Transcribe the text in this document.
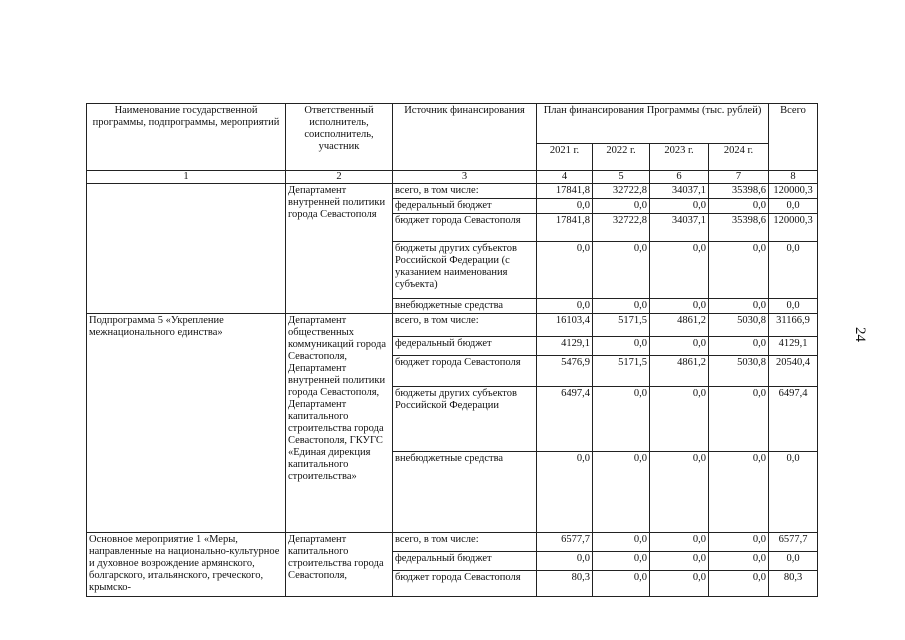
24
Наименование государственной программы, подпрограммы, мероприятий	Ответственный исполнитель, соисполнитель, участник	Источник финансирования	План финансирования Программы (тыс. рублей)				Всего
			2021 г.	2022 г.	2023 г.	2024 г.	
1	2	3	4	5	6	7	8
	Департамент внутренней политики города Севастополя	всего, в том числе:	17841,8	32722,8	34037,1	35398,6	120000,3
		федеральный бюджет	0,0	0,0	0,0	0,0	0,0
		бюджет города Севастополя	17841,8	32722,8	34037,1	35398,6	120000,3
		бюджеты других субъектов Российской Федерации (с указанием наименования субъекта)	0,0	0,0	0,0	0,0	0,0
		внебюджетные средства	0,0	0,0	0,0	0,0	0,0
Подпрограмма 5 «Укрепление межнационального единства»	Департамент общественных коммуникаций города Севастополя, Департамент внутренней политики города Севастополя, Департамент капитального строительства города Севастополя, ГКУГС «Единая дирекция капитального строительства»	всего, в том числе:	16103,4	5171,5	4861,2	5030,8	31166,9
		федеральный бюджет	4129,1	0,0	0,0	0,0	4129,1
		бюджет города Севастополя	5476,9	5171,5	4861,2	5030,8	20540,4
		бюджеты других субъектов Российской Федерации	6497,4	0,0	0,0	0,0	6497,4
		внебюджетные средства	0,0	0,0	0,0	0,0	0,0
Основное мероприятие 1 «Меры, направленные на национально-культурное и духовное возрождение армянского, болгарского, итальянского, греческого, крымско-	Департамент капитального строительства города Севастополя,	всего, в том числе:	6577,7	0,0	0,0	0,0	6577,7
		федеральный бюджет	0,0	0,0	0,0	0,0	0,0
		бюджет города Севастополя	80,3	0,0	0,0	0,0	80,3
